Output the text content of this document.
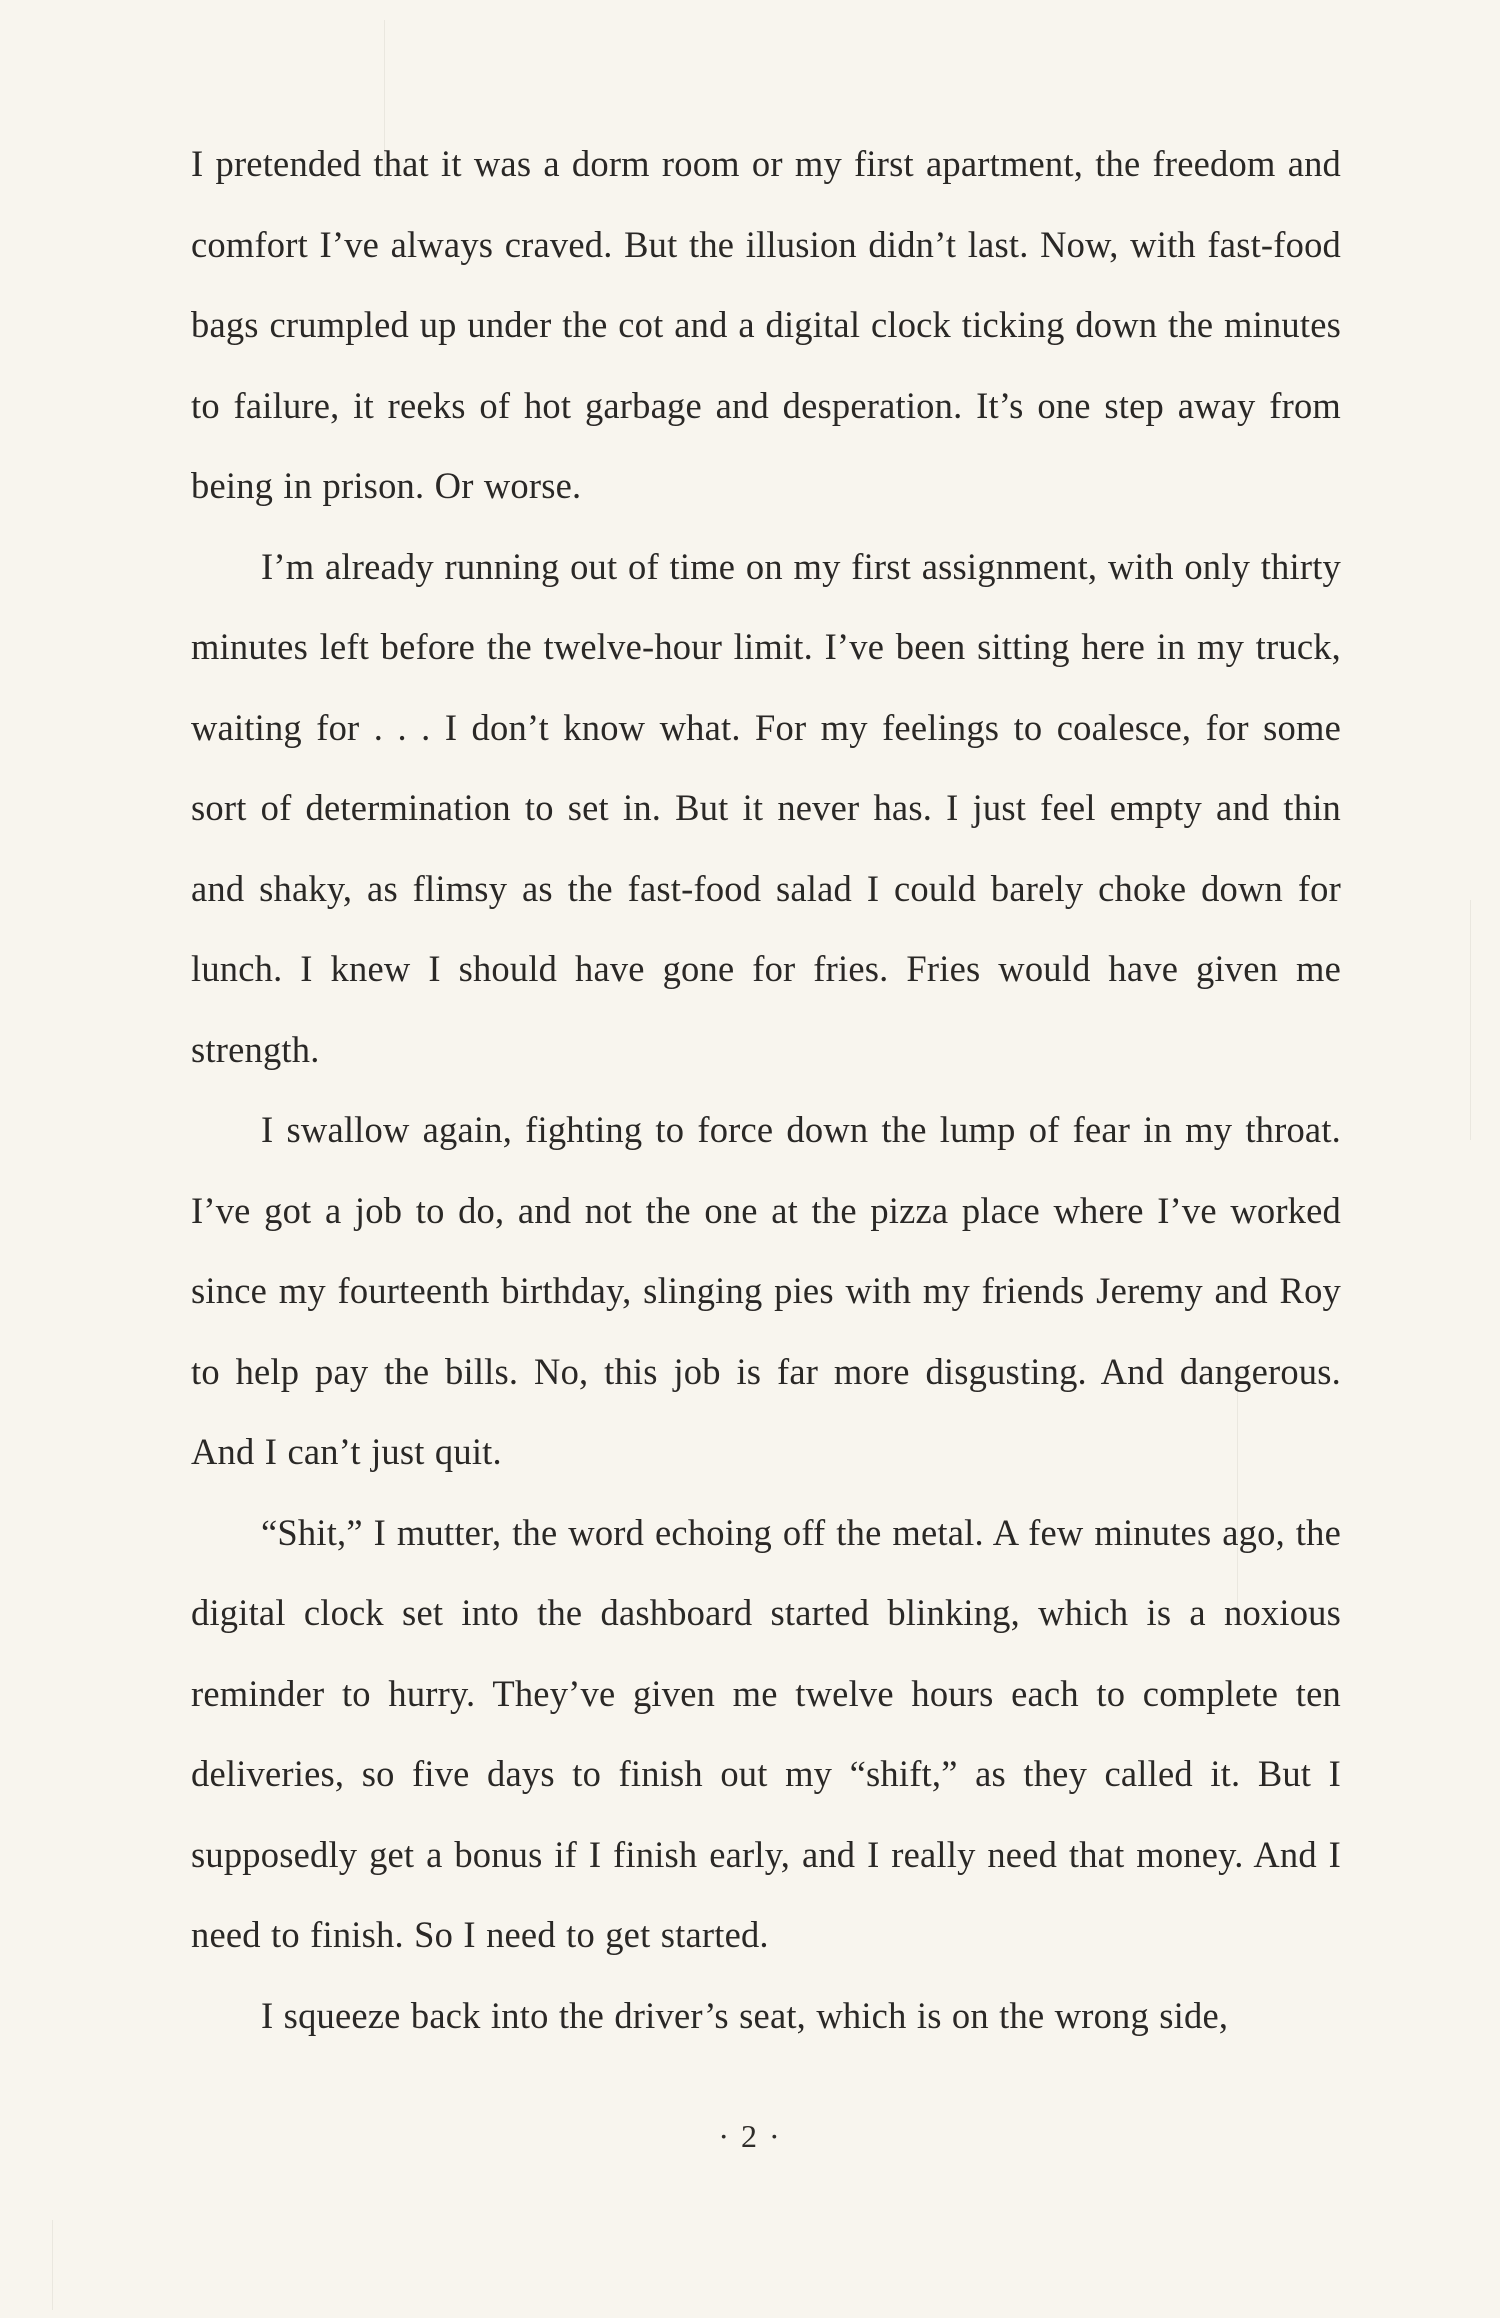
I pretended that it was a dorm room or my first apartment, the freedom and comfort I’ve always craved. But the illusion didn’t last. Now, with fast-food bags crumpled up under the cot and a digital clock ticking down the minutes to failure, it reeks of hot garbage and desperation. It’s one step away from being in prison. Or worse.

I’m already running out of time on my first assignment, with only thirty minutes left before the twelve-hour limit. I’ve been sitting here in my truck, waiting for . . . I don’t know what. For my feelings to coalesce, for some sort of determination to set in. But it never has. I just feel empty and thin and shaky, as flimsy as the fast-food salad I could barely choke down for lunch. I knew I should have gone for fries. Fries would have given me strength.

I swallow again, fighting to force down the lump of fear in my throat. I’ve got a job to do, and not the one at the pizza place where I’ve worked since my fourteenth birthday, slinging pies with my friends Jeremy and Roy to help pay the bills. No, this job is far more disgusting. And dangerous. And I can’t just quit.

“Shit,” I mutter, the word echoing off the metal. A few minutes ago, the digital clock set into the dashboard started blinking, which is a noxious reminder to hurry. They’ve given me twelve hours each to complete ten deliveries, so five days to finish out my “shift,” as they called it. But I supposedly get a bonus if I finish early, and I really need that money. And I need to finish. So I need to get started.

I squeeze back into the driver’s seat, which is on the wrong side,

· 2 ·
